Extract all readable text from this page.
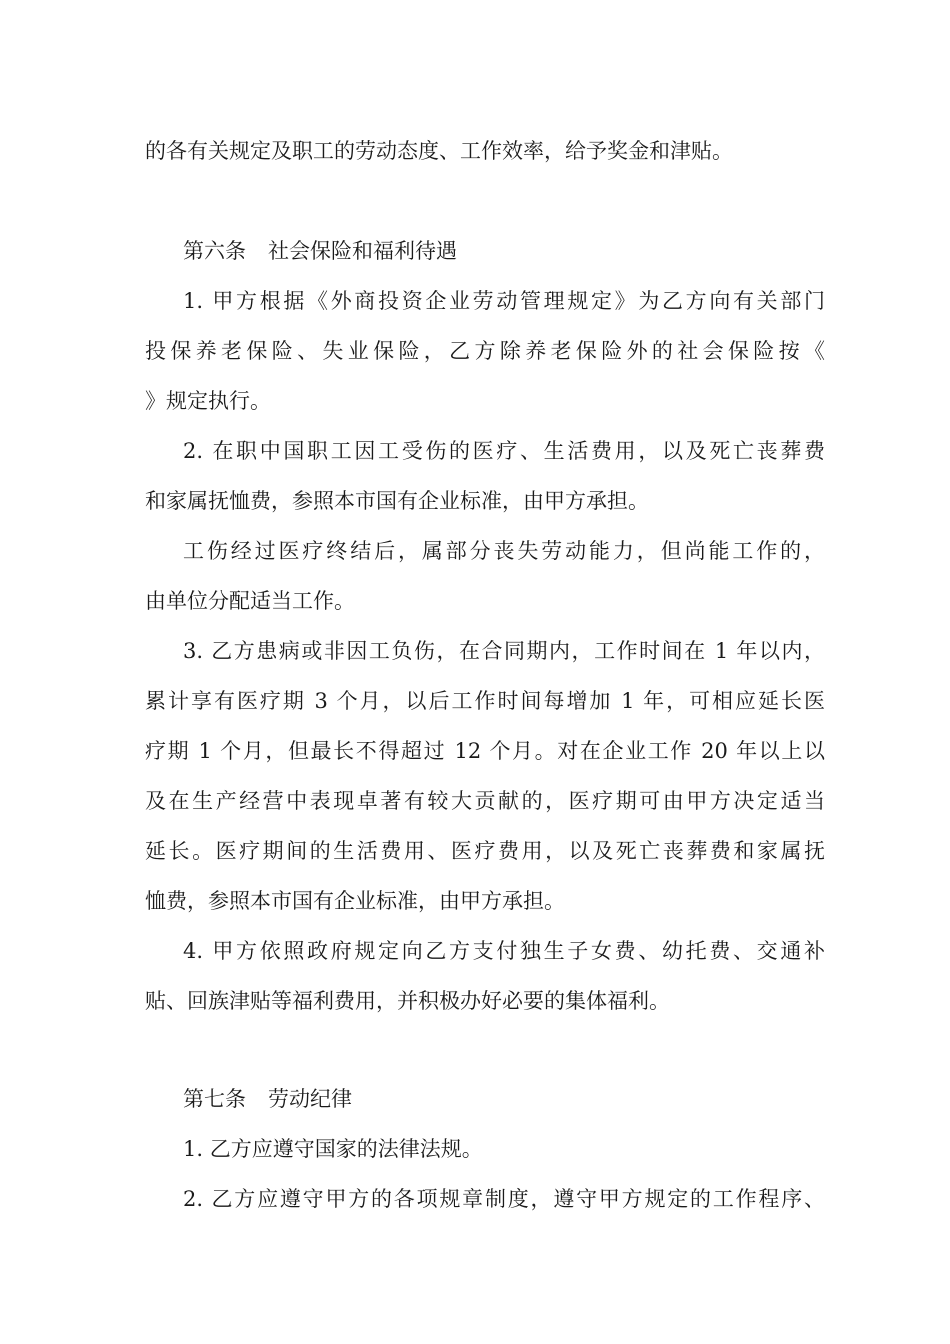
的各有关规定及职工的劳动态度、工作效率，给予奖金和津贴。
第六条 社会保险和福利待遇
1. 甲方根据《外商投资企业劳动管理规定》为乙方向有关部门
投保养老保险、失业保险，乙方除养老保险外的社会保险按《
》规定执行。
2. 在职中国职工因工受伤的医疗、生活费用，以及死亡丧葬费
和家属抚恤费，参照本市国有企业标准，由甲方承担。
工伤经过医疗终结后，属部分丧失劳动能力，但尚能工作的，
由单位分配适当工作。
3. 乙方患病或非因工负伤，在合同期内，工作时间在 1 年以内，
累计享有医疗期 3 个月，以后工作时间每增加 1 年，可相应延长医
疗期 1 个月，但最长不得超过 12 个月。对在企业工作 20 年以上以
及在生产经营中表现卓著有较大贡献的，医疗期可由甲方决定适当
延长。医疗期间的生活费用、医疗费用，以及死亡丧葬费和家属抚
恤费，参照本市国有企业标准，由甲方承担。
4. 甲方依照政府规定向乙方支付独生子女费、幼托费、交通补
贴、回族津贴等福利费用，并积极办好必要的集体福利。
第七条 劳动纪律
1. 乙方应遵守国家的法律法规。
2. 乙方应遵守甲方的各项规章制度，遵守甲方规定的工作程序、
